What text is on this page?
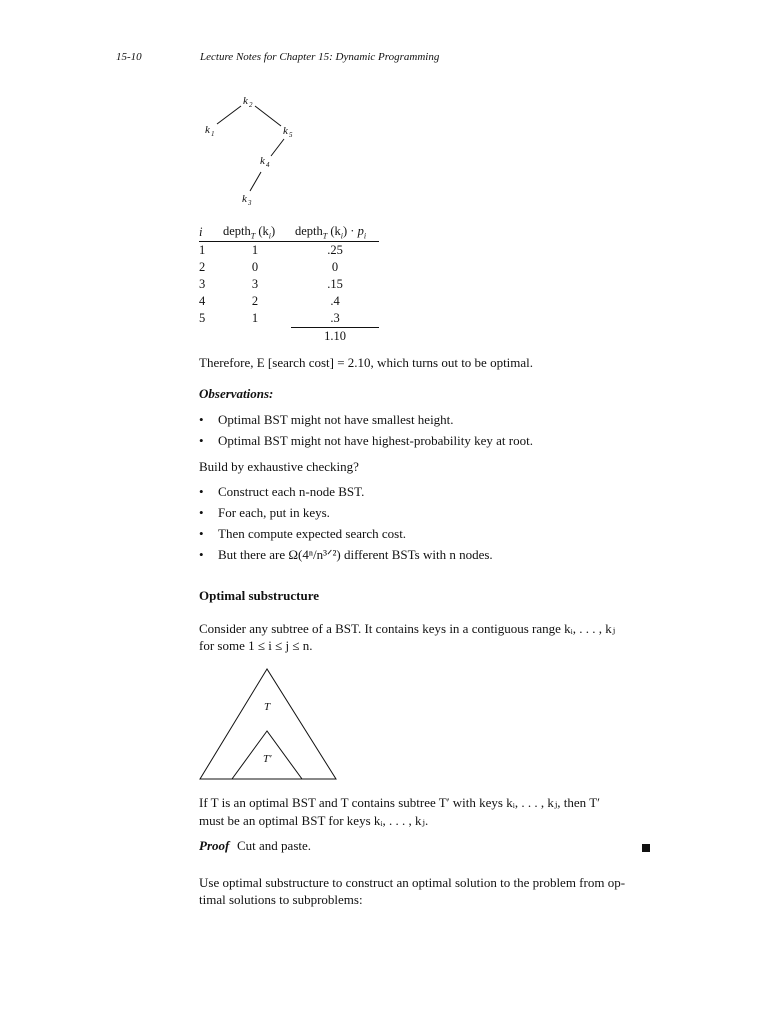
15-10	Lecture Notes for Chapter 15: Dynamic Programming
k 2
k 1	k 5
k 4
k 3
i	depth$_T$ $(k_i)$	depth$_T$ $(k_i) \cdot p_i$
1	1	.25
2	0	0
3	3	.15
4	2	.4
5	1	.3
		1.10
Therefore, E [search cost] = 2.10, which turns out to be optimal.
Observations:
• Optimal BST might not have smallest height.
• Optimal BST might not have highest-probability key at root.
Build by exhaustive checking?
• Construct each n-node BST.
• For each, put in keys.
• Then compute expected search cost.
• But there are Ω(4ⁿ/n³ᐟ²) different BSTs with n nodes.
Optimal substructure
Consider any subtree of a BST. It contains keys in a contiguous range kᵢ, . . . , kⱼ
for some 1 ≤ i ≤ j ≤ n.
T
T′
If T is an optimal BST and T contains subtree T′ with keys kᵢ, . . . , kⱼ, then T′
must be an optimal BST for keys kᵢ, . . . , kⱼ.
Proof Cut and paste.
Use optimal substructure to construct an optimal solution to the problem from op-
timal solutions to subproblems:
